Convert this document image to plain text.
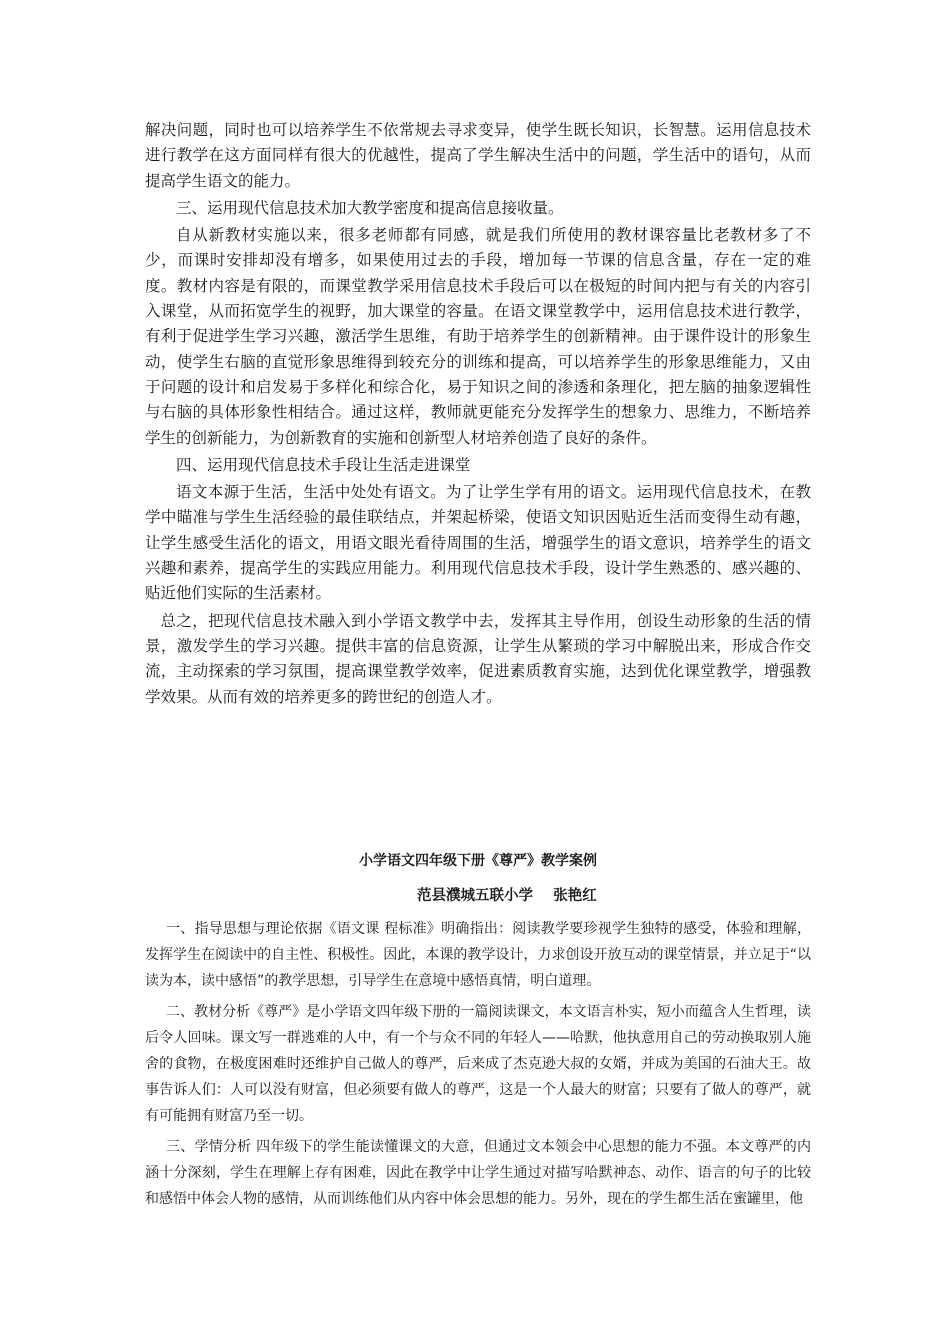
解决问题，同时也可以培养学生不依常规去寻求变异，使学生既长知识，长智慧。运用信息技术进行教学在这方面同样有很大的优越性，提高了学生解决生活中的问题，学生活中的语句，从而提高学生语文的能力。

三、运用现代信息技术加大教学密度和提高信息接收量。

自从新教材实施以来，很多老师都有同感，就是我们所使用的教材课容量比老教材多了不少，而课时安排却没有增多，如果使用过去的手段，增加每一节课的信息含量，存在一定的难度。教材内容是有限的，而课堂教学采用信息技术手段后可以在极短的时间内把与有关的内容引入课堂，从而拓宽学生的视野，加大课堂的容量。在语文课堂教学中，运用信息技术进行教学，有利于促进学生学习兴趣，激活学生思维，有助于培养学生的创新精神。由于课件设计的形象生动，使学生右脑的直觉形象思维得到较充分的训练和提高，可以培养学生的形象思维能力，又由于问题的设计和启发易于多样化和综合化，易于知识之间的渗透和条理化，把左脑的抽象逻辑性与右脑的具体形象性相结合。通过这样，教师就更能充分发挥学生的想象力、思维力，不断培养学生的创新能力，为创新教育的实施和创新型人材培养创造了良好的条件。

四、运用现代信息技术手段让生活走进课堂

语文本源于生活，生活中处处有语文。为了让学生学有用的语文。运用现代信息技术，在教学中瞄准与学生生活经验的最佳联结点，并架起桥梁，使语文知识因贴近生活而变得生动有趣，让学生感受生活化的语文，用语文眼光看待周围的生活，增强学生的语文意识，培养学生的语文兴趣和素养，提高学生的实践应用能力。利用现代信息技术手段，设计学生熟悉的、感兴趣的、贴近他们实际的生活素材。

总之，把现代信息技术融入到小学语文教学中去，发挥其主导作用，创设生动形象的生活的情景，激发学生的学习兴趣。提供丰富的信息资源，让学生从繁琐的学习中解脱出来，形成合作交流，主动探索的学习氛围，提高课堂教学效率，促进素质教育实施，达到优化课堂教学，增强教学效果。从而有效的培养更多的跨世纪的创造人才。

小学语文四年级下册《尊严》教学案例

范县濮城五联小学    张艳红

一、指导思想与理论依据《语文课 程标准》明确指出：阅读教学要珍视学生独特的感受，体验和理解，发挥学生在阅读中的自主性、积极性。因此，本课的教学设计，力求创设开放互动的课堂情景，并立足于“以读为本，读中感悟”的教学思想，引导学生在意境中感悟真情，明白道理。

二、教材分析《尊严》是小学语文四年级下册的一篇阅读课文，本文语言朴实，短小而蕴含人生哲理，读后令人回味。课文写一群逃难的人中，有一个与众不同的年轻人——哈默，他执意用自己的劳动换取别人施舍的食物，在极度困难时还维护自己做人的尊严，后来成了杰克逊大叔的女婿，并成为美国的石油大王。故事告诉人们：人可以没有财富，但必须要有做人的尊严，这是一个人最大的财富；只要有了做人的尊严，就有可能拥有财富乃至一切。

三、学情分析 四年级下的学生能读懂课文的大意，但通过文本领会中心思想的能力不强。本文尊严的内涵十分深刻，学生在理解上存有困难，因此在教学中让学生通过对描写哈默神态、动作、语言的句子的比较和感悟中体会人物的感情，从而训练他们从内容中体会思想的能力。另外，现在的学生都生活在蜜罐里，他
